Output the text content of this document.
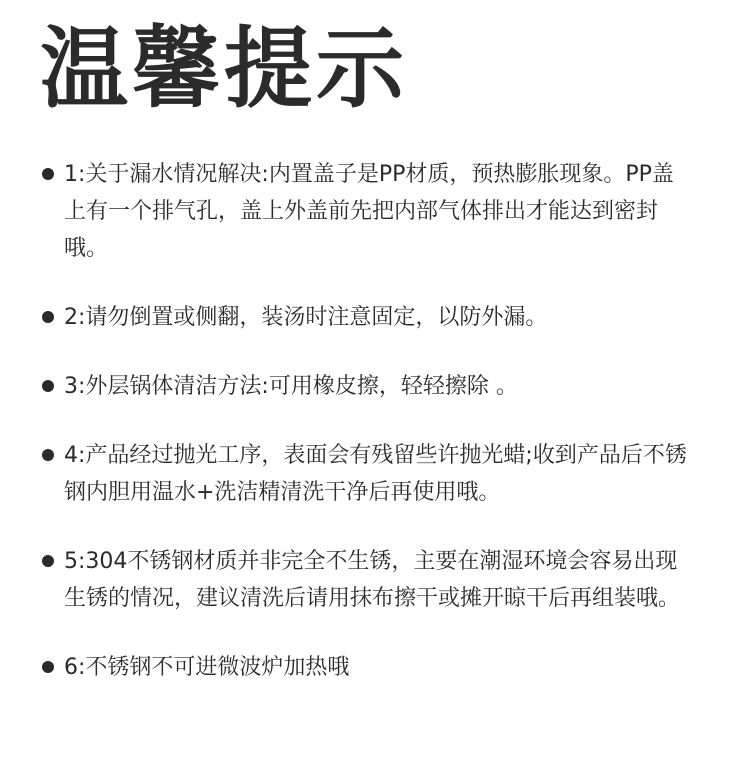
温馨提示
1:关于漏水情况解决:内置盖子是PP材质，预热膨胀现象。PP盖上有一个排气孔，盖上外盖前先把内部气体排出才能达到密封哦。
2:请勿倒置或侧翻，装汤时注意固定，以防外漏。
3:外层锅体清洁方法:可用橡皮擦，轻轻擦除 。
4:产品经过抛光工序，表面会有残留些许抛光蜡;收到产品后不锈钢内胆用温水+洗洁精清洗干净后再使用哦。
5:304不锈钢材质并非完全不生锈，主要在潮湿环境会容易出现生锈的情况，建议清洗后请用抹布擦干或摊开晾干后再组装哦。
6:不锈钢不可进微波炉加热哦
